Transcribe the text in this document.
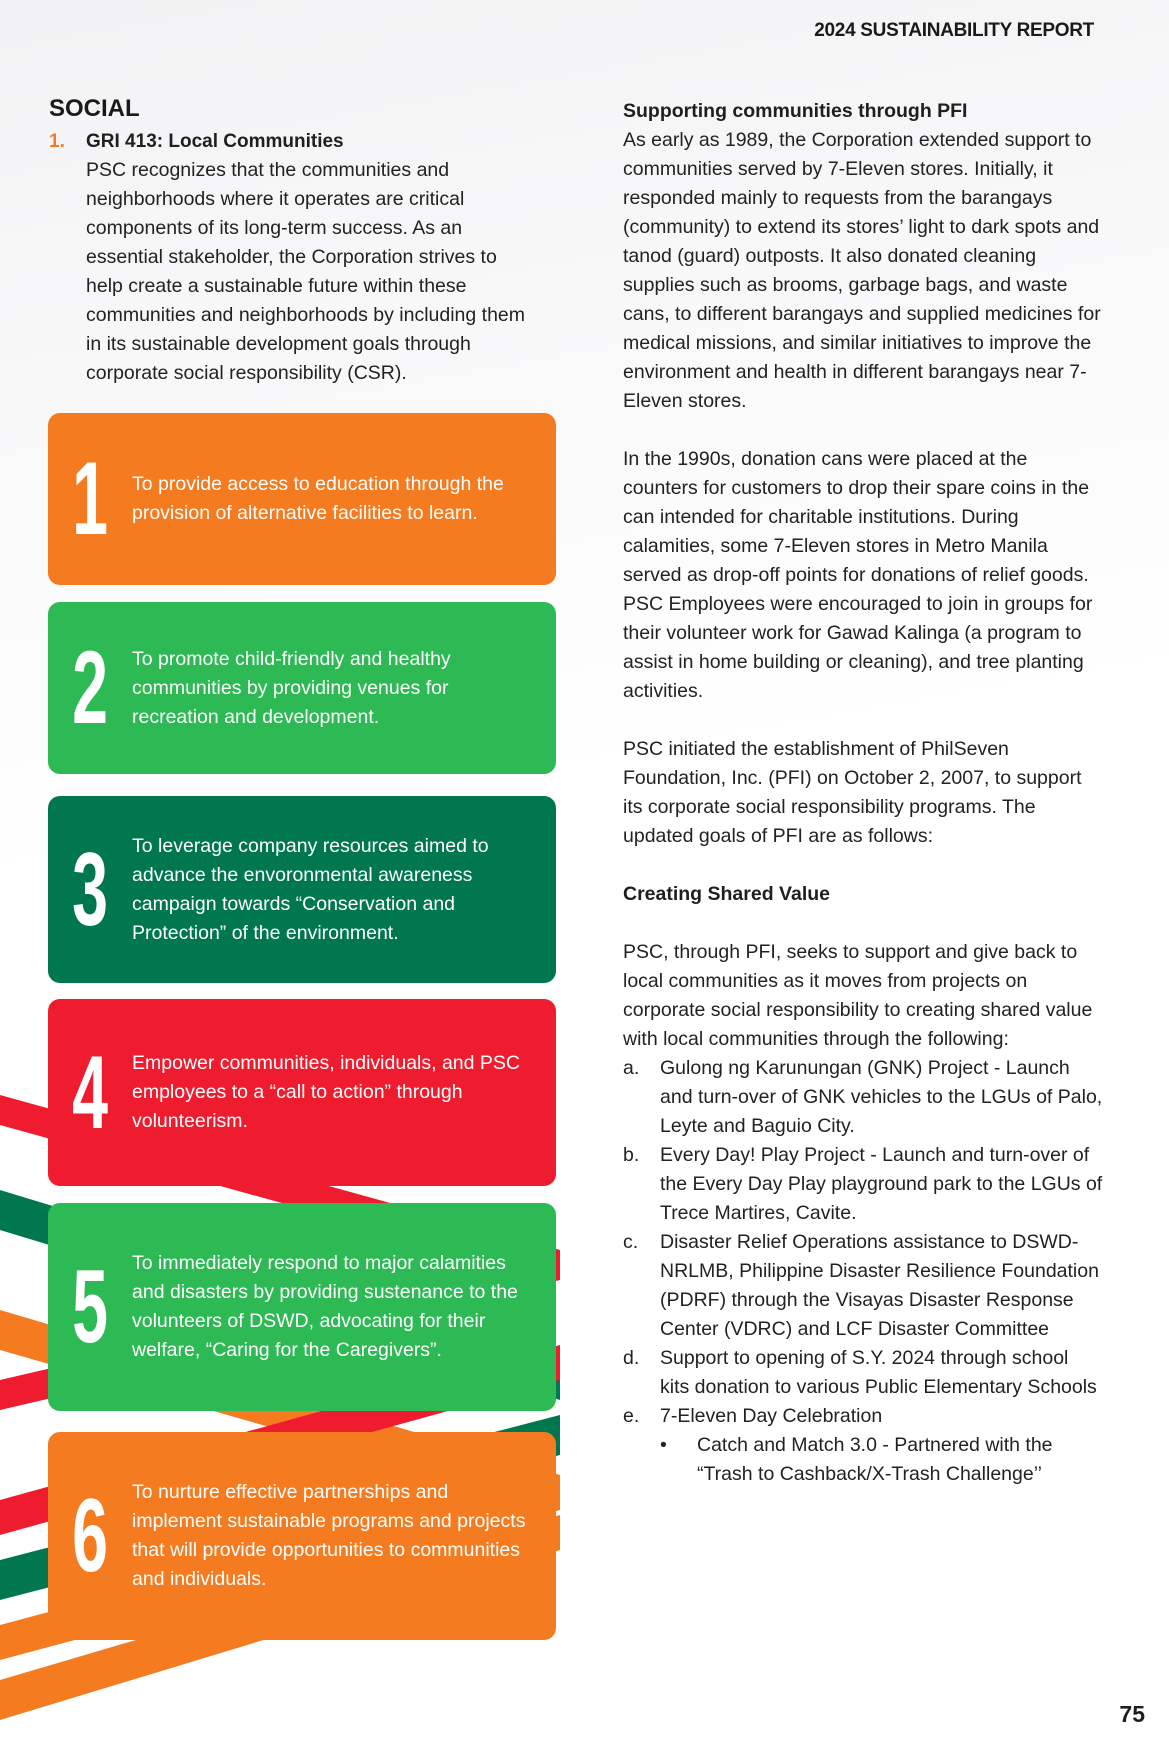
2024 SUSTAINABILITY REPORT
SOCIAL
1.	GRI 413: Local Communities
PSC recognizes that the communities and neighborhoods where it operates are critical components of its long-term success. As an essential stakeholder, the Corporation strives to help create a sustainable future within these communities and neighborhoods by including them in its sustainable development goals through corporate social responsibility (CSR).
1	To provide access to education through the provision of alternative facilities to learn.
2	To promote child-friendly and healthy communities by providing venues for recreation and development.
3	To leverage company resources aimed to advance the envoronmental awareness campaign towards “Conservation and Protection” of the environment.
4	Empower communities, individuals, and PSC employees to a “call to action” through volunteerism.
5	To immediately respond to major calamities and disasters by providing sustenance to the volunteers of DSWD, advocating for their welfare, “Caring for the Caregivers”.
6	To nurture effective partnerships and implement sustainable programs and projects that will provide opportunities to communities and individuals.
Supporting communities through PFI
As early as 1989, the Corporation extended support to communities served by 7-Eleven stores. Initially, it responded mainly to requests from the barangays (community) to extend its stores’ light to dark spots and tanod (guard) outposts. It also donated cleaning supplies such as brooms, garbage bags, and waste cans, to different barangays and supplied medicines for medical missions, and similar initiatives to improve the environment and health in different barangays near 7-Eleven stores.
In the 1990s, donation cans were placed at the counters for customers to drop their spare coins in the can intended for charitable institutions. During calamities, some 7-Eleven stores in Metro Manila served as drop-off points for donations of relief goods. PSC Employees were encouraged to join in groups for their volunteer work for Gawad Kalinga (a program to assist in home building or cleaning), and tree planting activities.
PSC initiated the establishment of PhilSeven Foundation, Inc. (PFI) on October 2, 2007, to support its corporate social responsibility programs. The updated goals of PFI are as follows:
Creating Shared Value
PSC, through PFI, seeks to support and give back to local communities as it moves from projects on corporate social responsibility to creating shared value with local communities through the following:
a.	Gulong ng Karunungan (GNK) Project - Launch and turn-over of GNK vehicles to the LGUs of Palo, Leyte and Baguio City.
b.	Every Day! Play Project - Launch and turn-over of the Every Day Play playground park to the LGUs of Trece Martires, Cavite.
c.	Disaster Relief Operations assistance to DSWD-NRLMB, Philippine Disaster Resilience Foundation (PDRF) through the Visayas Disaster Response Center (VDRC) and LCF Disaster Committee
d.	Support to opening of S.Y. 2024 through school kits donation to various Public Elementary Schools
e.	7-Eleven Day Celebration
•	Catch and Match 3.0 - Partnered with the “Trash to Cashback/X-Trash Challenge’’
75
